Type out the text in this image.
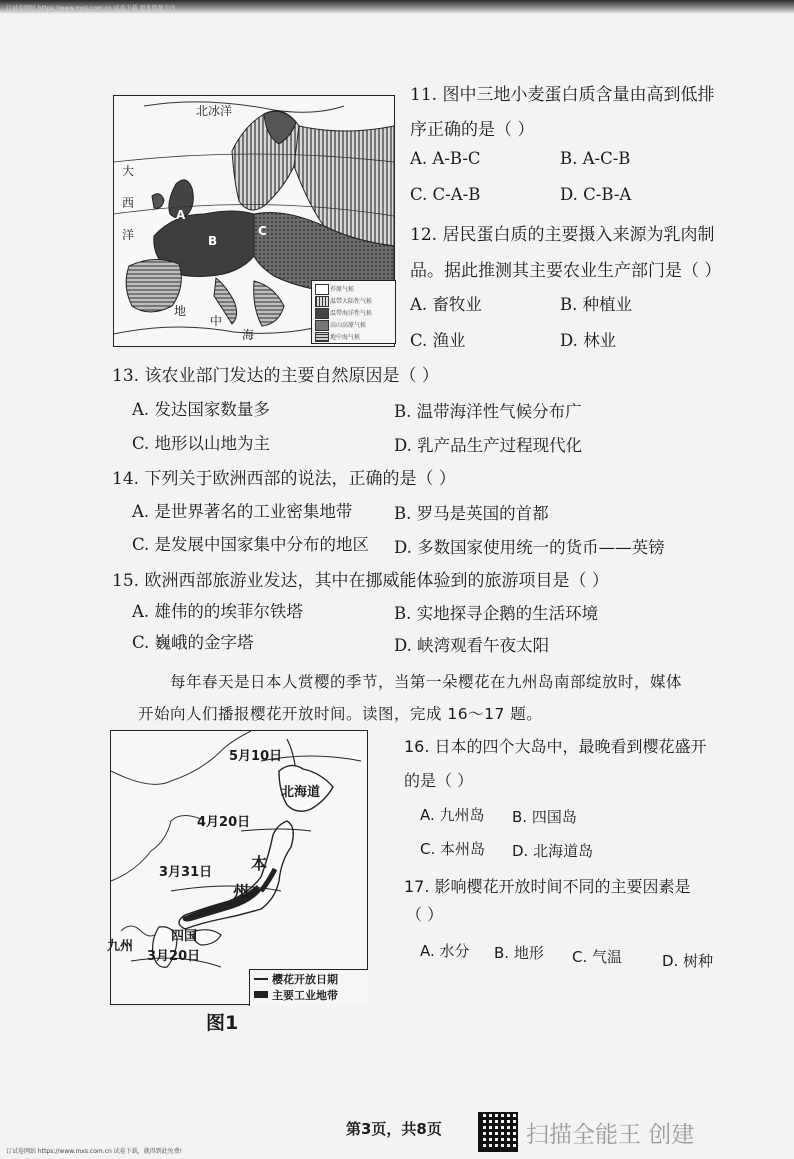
订试卷网站 https://www.mxs.com.cn 试卷下载 更多资源关注
北冰洋
大
西
洋
A
B
C
地
中
海
苔原气候
温带大陆性气候
温带海洋性气候
高山高原气候
地中海气候
11. 图中三地小麦蛋白质含量由高到低排
序正确的是（ ）
A. A-B-C	B. A-C-B
C. C-A-B	D. C-B-A
12. 居民蛋白质的主要摄入来源为乳肉制
品。据此推测其主要农业生产部门是（ ）
A. 畜牧业	B. 种植业
C. 渔业	D. 林业
13. 该农业部门发达的主要自然原因是（ ）
A. 发达国家数量多	B. 温带海洋性气候分布广
C. 地形以山地为主	D. 乳产品生产过程现代化
14. 下列关于欧洲西部的说法，正确的是（ ）
A. 是世界著名的工业密集地带	B. 罗马是英国的首都
C. 是发展中国家集中分布的地区 D. 多数国家使用统一的货币——英镑
15. 欧洲西部旅游业发达，其中在挪威能体验到的旅游项目是（ ）
A. 雄伟的的埃菲尔铁塔	B. 实地探寻企鹅的生活环境
C. 巍峨的金字塔	D. 峡湾观看午夜太阳
每年春天是日本人赏樱的季节，当第一朵樱花在九州岛南部绽放时，媒体
开始向人们播报樱花开放时间。读图，完成 16～17 题。
5月10日
北海道
4月20日
本
州
3月31日
四国
九州
3月20日
樱花开放日期
主要工业地带
图1
16. 日本的四个大岛中，最晚看到樱花盛开
的是（ ）
A. 九州岛 B. 四国岛
C. 本州岛 D. 北海道岛
17. 影响樱花开放时间不同的主要因素是
（ ）
A. 水分 B. 地形 C. 气温	D. 树种
第3页，共8页	扫描全能王 创建
订试卷网站 https://www.mxs.com.cn 试卷下载，就得到此免费!
